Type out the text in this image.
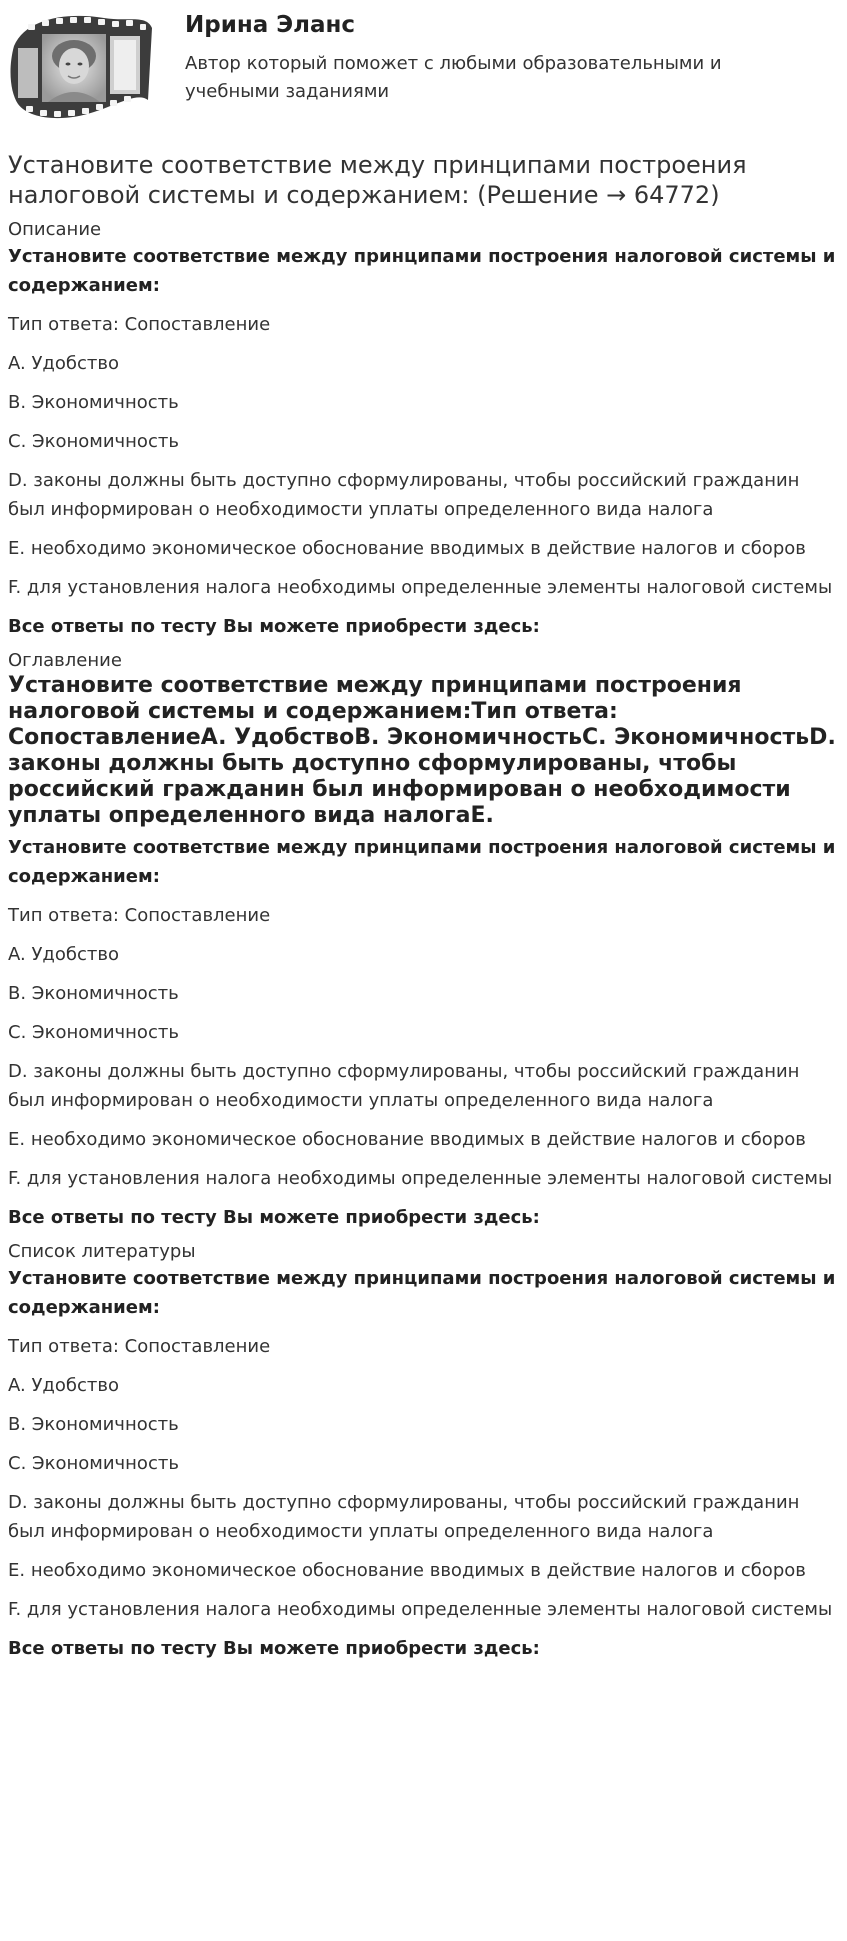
Ирина Эланс

Автор который поможет с любыми образовательными и учебными заданиями

Установите соответствие между принципами построения налоговой системы и содержанием: (Решение → 64772)

Описание

Установите соответствие между принципами построения налоговой системы и содержанием:

Тип ответа: Сопоставление

A. Удобство

B. Экономичность

C. Экономичность

D. законы должны быть доступно сформулированы, чтобы российский гражданин был информирован о необходимости уплаты определенного вида налога

E. необходимо экономическое обоснование вводимых в действие налогов и сборов

F. для установления налога необходимы определенные элементы налоговой системы

Все ответы по тесту Вы можете приобрести здесь:

Оглавление

Установите соответствие между принципами построения налоговой системы и содержанием:Тип ответа: СопоставлениеA. УдобствоB. ЭкономичностьC. ЭкономичностьD. законы должны быть доступно сформулированы, чтобы российский гражданин был информирован о необходимости уплаты определенного вида налогаE.

Установите соответствие между принципами построения налоговой системы и содержанием:

Тип ответа: Сопоставление

A. Удобство

B. Экономичность

C. Экономичность

D. законы должны быть доступно сформулированы, чтобы российский гражданин был информирован о необходимости уплаты определенного вида налога

E. необходимо экономическое обоснование вводимых в действие налогов и сборов

F. для установления налога необходимы определенные элементы налоговой системы

Все ответы по тесту Вы можете приобрести здесь:

Список литературы

Установите соответствие между принципами построения налоговой системы и содержанием:

Тип ответа: Сопоставление

A. Удобство

B. Экономичность

C. Экономичность

D. законы должны быть доступно сформулированы, чтобы российский гражданин был информирован о необходимости уплаты определенного вида налога

E. необходимо экономическое обоснование вводимых в действие налогов и сборов

F. для установления налога необходимы определенные элементы налоговой системы

Все ответы по тесту Вы можете приобрести здесь:
